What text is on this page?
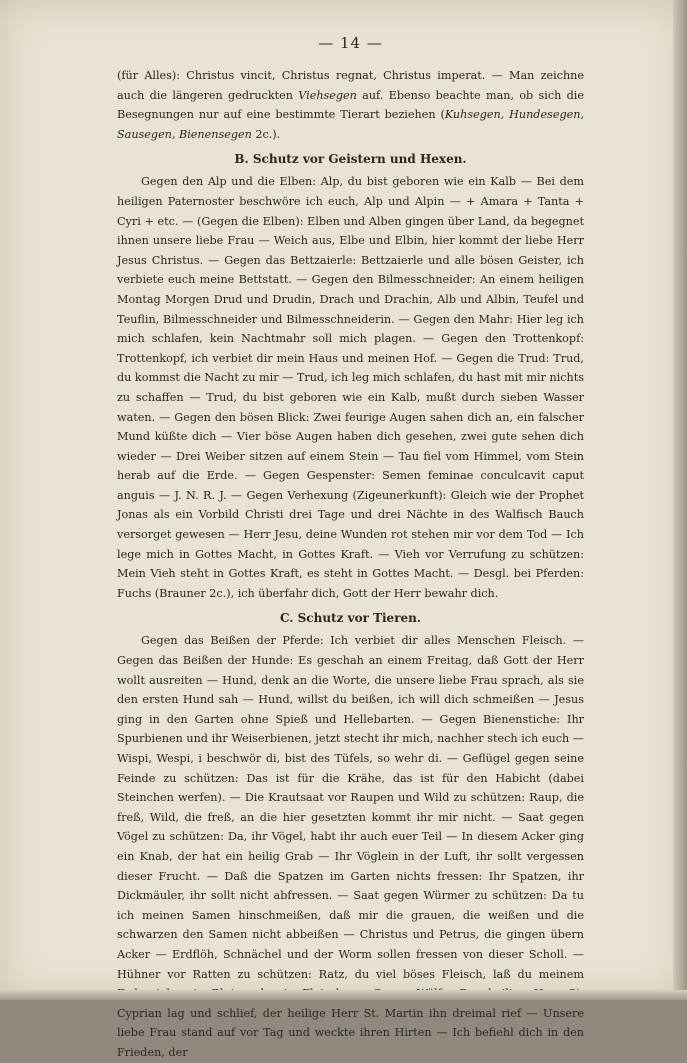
— 14 —

(für Alles): Christus vincit, Christus regnat, Christus imperat. — Man zeichne auch die längeren gedruckten Viehsegen auf. Ebenso beachte man, ob sich die Besegnungen nur auf eine bestimmte Tierart beziehen (Kuhsegen, Hundesegen, Sausegen, Bienensegen 2c.).

B. Schutz vor Geistern und Hexen.

Gegen den Alp und die Elben: Alp, du bist geboren wie ein Kalb — Bei dem heiligen Paternoster beschwöre ich euch, Alp und Alpin — + Amara + Tanta + Cyri + etc. — (Gegen die Elben): Elben und Alben gingen über Land, da begegnet ihnen unsere liebe Frau — Weich aus, Elbe und Elbin, hier kommt der liebe Herr Jesus Christus. — Gegen das Bettzaierle: Bettzaierle und alle bösen Geister, ich verbiete euch meine Bettstatt. — Gegen den Bilmesschneider: An einem heiligen Montag Morgen Drud und Drudin, Drach und Drachin, Alb und Albin, Teufel und Teuflin, Bilmesschneider und Bilmesschneiderin. — Gegen den Mahr: Hier leg ich mich schlafen, kein Nachtmahr soll mich plagen. — Gegen den Trottenkopf: Trottenkopf, ich verbiet dir mein Haus und meinen Hof. — Gegen die Trud: Trud, du kommst die Nacht zu mir — Trud, ich leg mich schlafen, du hast mit mir nichts zu schaffen — Trud, du bist geboren wie ein Kalb, mußt durch sieben Wasser waten. — Gegen den bösen Blick: Zwei feurige Augen sahen dich an, ein falscher Mund küßte dich — Vier böse Augen haben dich gesehen, zwei gute sehen dich wieder — Drei Weiber sitzen auf einem Stein — Tau fiel vom Himmel, vom Stein herab auf die Erde. — Gegen Gespenster: Semen feminae conculcavit caput anguis — J. N. R. J. — Gegen Verhexung (Zigeunerkunft): Gleich wie der Prophet Jonas als ein Vorbild Christi drei Tage und drei Nächte in des Walfisch Bauch versorget gewesen — Herr Jesu, deine Wunden rot stehen mir vor dem Tod — Ich lege mich in Gottes Macht, in Gottes Kraft. — Vieh vor Verrufung zu schützen: Mein Vieh steht in Gottes Kraft, es steht in Gottes Macht. — Desgl. bei Pferden: Fuchs (Brauner 2c.), ich überfahr dich, Gott der Herr bewahr dich.

C. Schutz vor Tieren.

Gegen das Beißen der Pferde: Ich verbiet dir alles Menschen Fleisch. — Gegen das Beißen der Hunde: Es geschah an einem Freitag, daß Gott der Herr wollt ausreiten — Hund, denk an die Worte, die unsere liebe Frau sprach, als sie den ersten Hund sah — Hund, willst du beißen, ich will dich schmeißen — Jesus ging in den Garten ohne Spieß und Hellebarten. — Gegen Bienenstiche: Ihr Spurbienen und ihr Weiserbienen, jetzt stecht ihr mich, nachher stech ich euch — Wispi, Wespi, i beschwör di, bist des Tüfels, so wehr di. — Geflügel gegen seine Feinde zu schützen: Das ist für die Krähe, das ist für den Habicht (dabei Steinchen werfen). — Die Krautsaat vor Raupen und Wild zu schützen: Raup, die freß, Wild, die freß, an die hier gesetzten kommt ihr mir nicht. — Saat gegen Vögel zu schützen: Da, ihr Vögel, habt ihr auch euer Teil — In diesem Acker ging ein Knab, der hat ein heilig Grab — Ihr Vöglein in der Luft, ihr sollt vergessen dieser Frucht. — Daß die Spatzen im Garten nichts fressen: Ihr Spatzen, ihr Dickmäuler, ihr sollt nicht abfressen. — Saat gegen Würmer zu schützen: Da tu ich meinen Samen hinschmeißen, daß mir die grauen, die weißen und die schwarzen den Samen nicht abbeißen — Christus und Petrus, die gingen übern Acker — Erdflöh, Schnächel und der Worm sollen fressen von dieser Scholl. — Hühner vor Ratten zu schützen: Ratz, du viel böses Fleisch, laß du meinem Cyprian lag und schlief, der heilige Herr St. Martin ihn dreimal rief — Unsere liebe Frau stand auf vor Tag und weckte ihren Hirten — Ich befiehl dich in den Frieden, der
